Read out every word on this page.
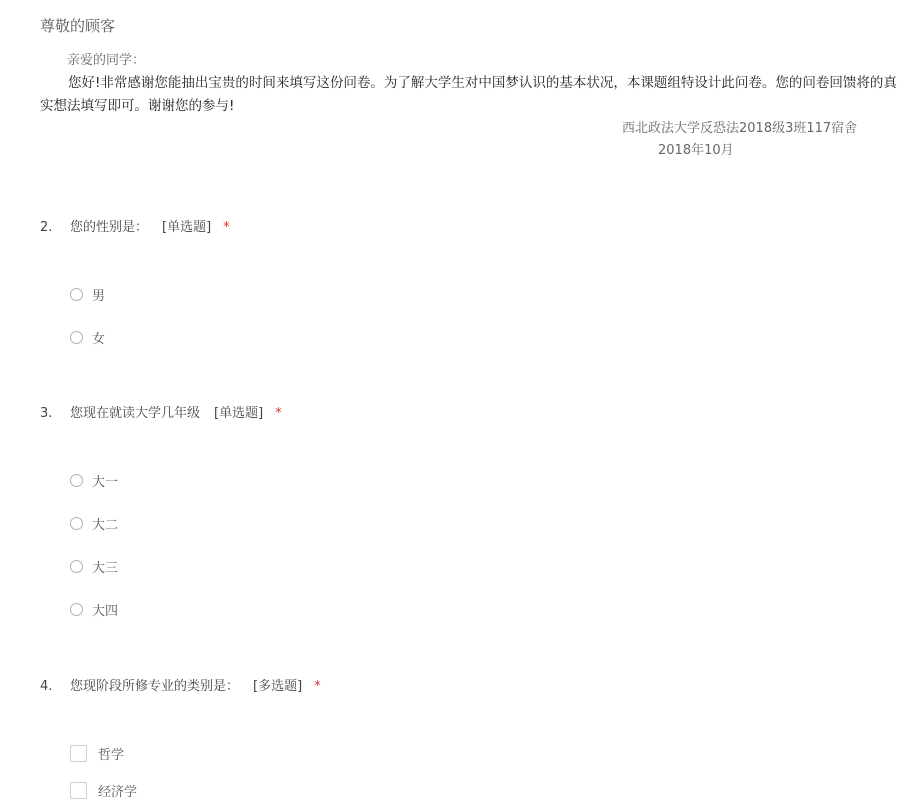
尊敬的顾客
亲爱的同学：
您好!非常感谢您能抽出宝贵的时间来填写这份问卷。为了解大学生对中国梦认识的基本状况，本课题组特设计此问卷。您的问卷回馈将的真实想法填写即可。谢谢您的参与!
西北政法大学反恐法2018级3班117宿舍
2018年10月
2. 您的性别是： [单选题] *
男
女
3. 您现在就读大学几年级 [单选题] *
大一
大二
大三
大四
4. 您现阶段所修专业的类别是： [多选题] *
哲学
经济学
